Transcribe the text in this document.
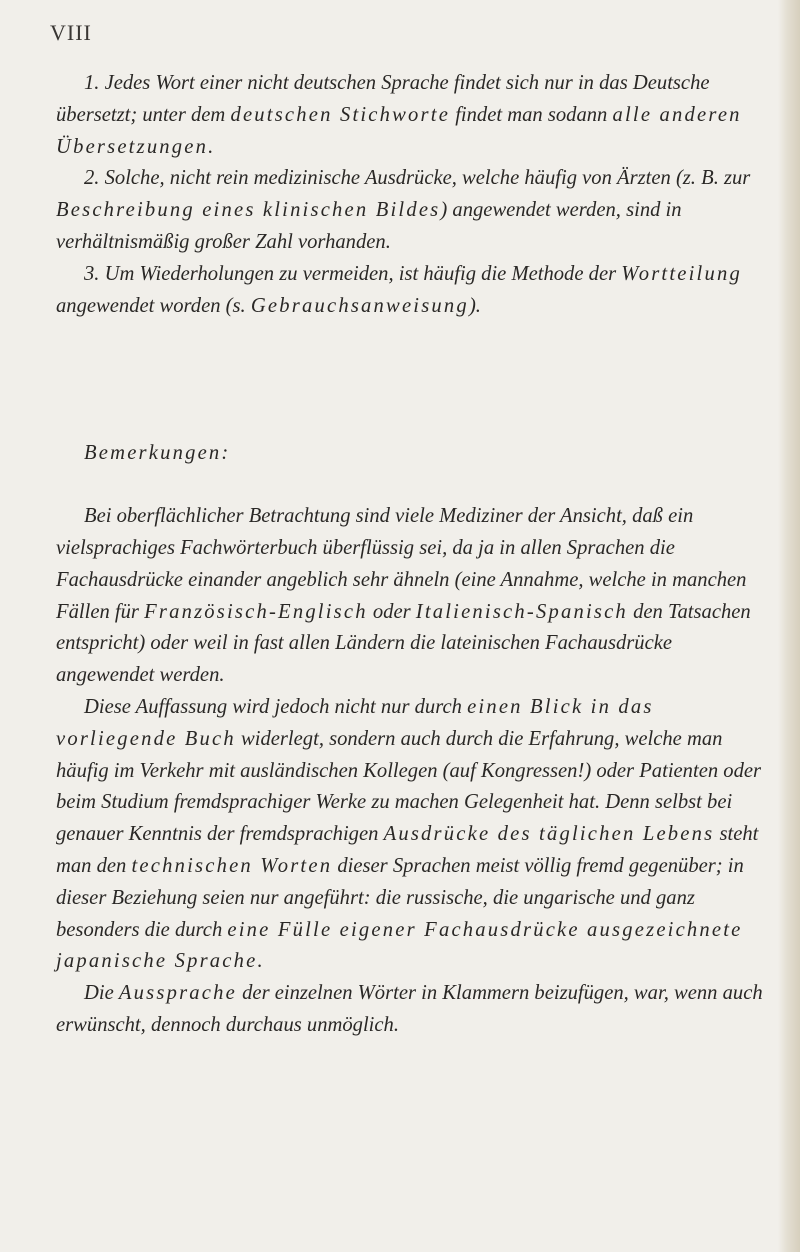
VIII

1. Jedes Wort einer nicht deutschen Sprache findet sich nur in das Deutsche übersetzt; unter dem deutschen Stichworte findet man sodann alle anderen Übersetzungen.

2. Solche, nicht rein medizinische Ausdrücke, welche häufig von Ärzten (z. B. zur Beschreibung eines klinischen Bildes) angewendet werden, sind in verhältnismäßig großer Zahl vorhanden.

3. Um Wiederholungen zu vermeiden, ist häufig die Methode der Wortteilung angewendet worden (s. Gebrauchsanweisung).

Bemerkungen:

Bei oberflächlicher Betrachtung sind viele Mediziner der Ansicht, daß ein vielsprachiges Fachwörterbuch überflüssig sei, da ja in allen Sprachen die Fachausdrücke einander angeblich sehr ähneln (eine Annahme, welche in manchen Fällen für Französisch-Englisch oder Italienisch-Spanisch den Tatsachen entspricht) oder weil in fast allen Ländern die lateinischen Fachausdrücke angewendet werden.

Diese Auffassung wird jedoch nicht nur durch einen Blick in das vorliegende Buch widerlegt, sondern auch durch die Erfahrung, welche man häufig im Verkehr mit ausländischen Kollegen (auf Kongressen!) oder Patienten oder beim Studium fremdsprachiger Werke zu machen Gelegenheit hat. Denn selbst bei genauer Kenntnis der fremdsprachigen Ausdrücke des täglichen Lebens steht man den technischen Worten dieser Sprachen meist völlig fremd gegenüber; in dieser Beziehung seien nur angeführt: die russische, die ungarische und ganz besonders die durch eine Fülle eigener Fachausdrücke ausgezeichnete japanische Sprache.

Die Aussprache der einzelnen Wörter in Klammern beizufügen, war, wenn auch erwünscht, dennoch durchaus unmöglich.
